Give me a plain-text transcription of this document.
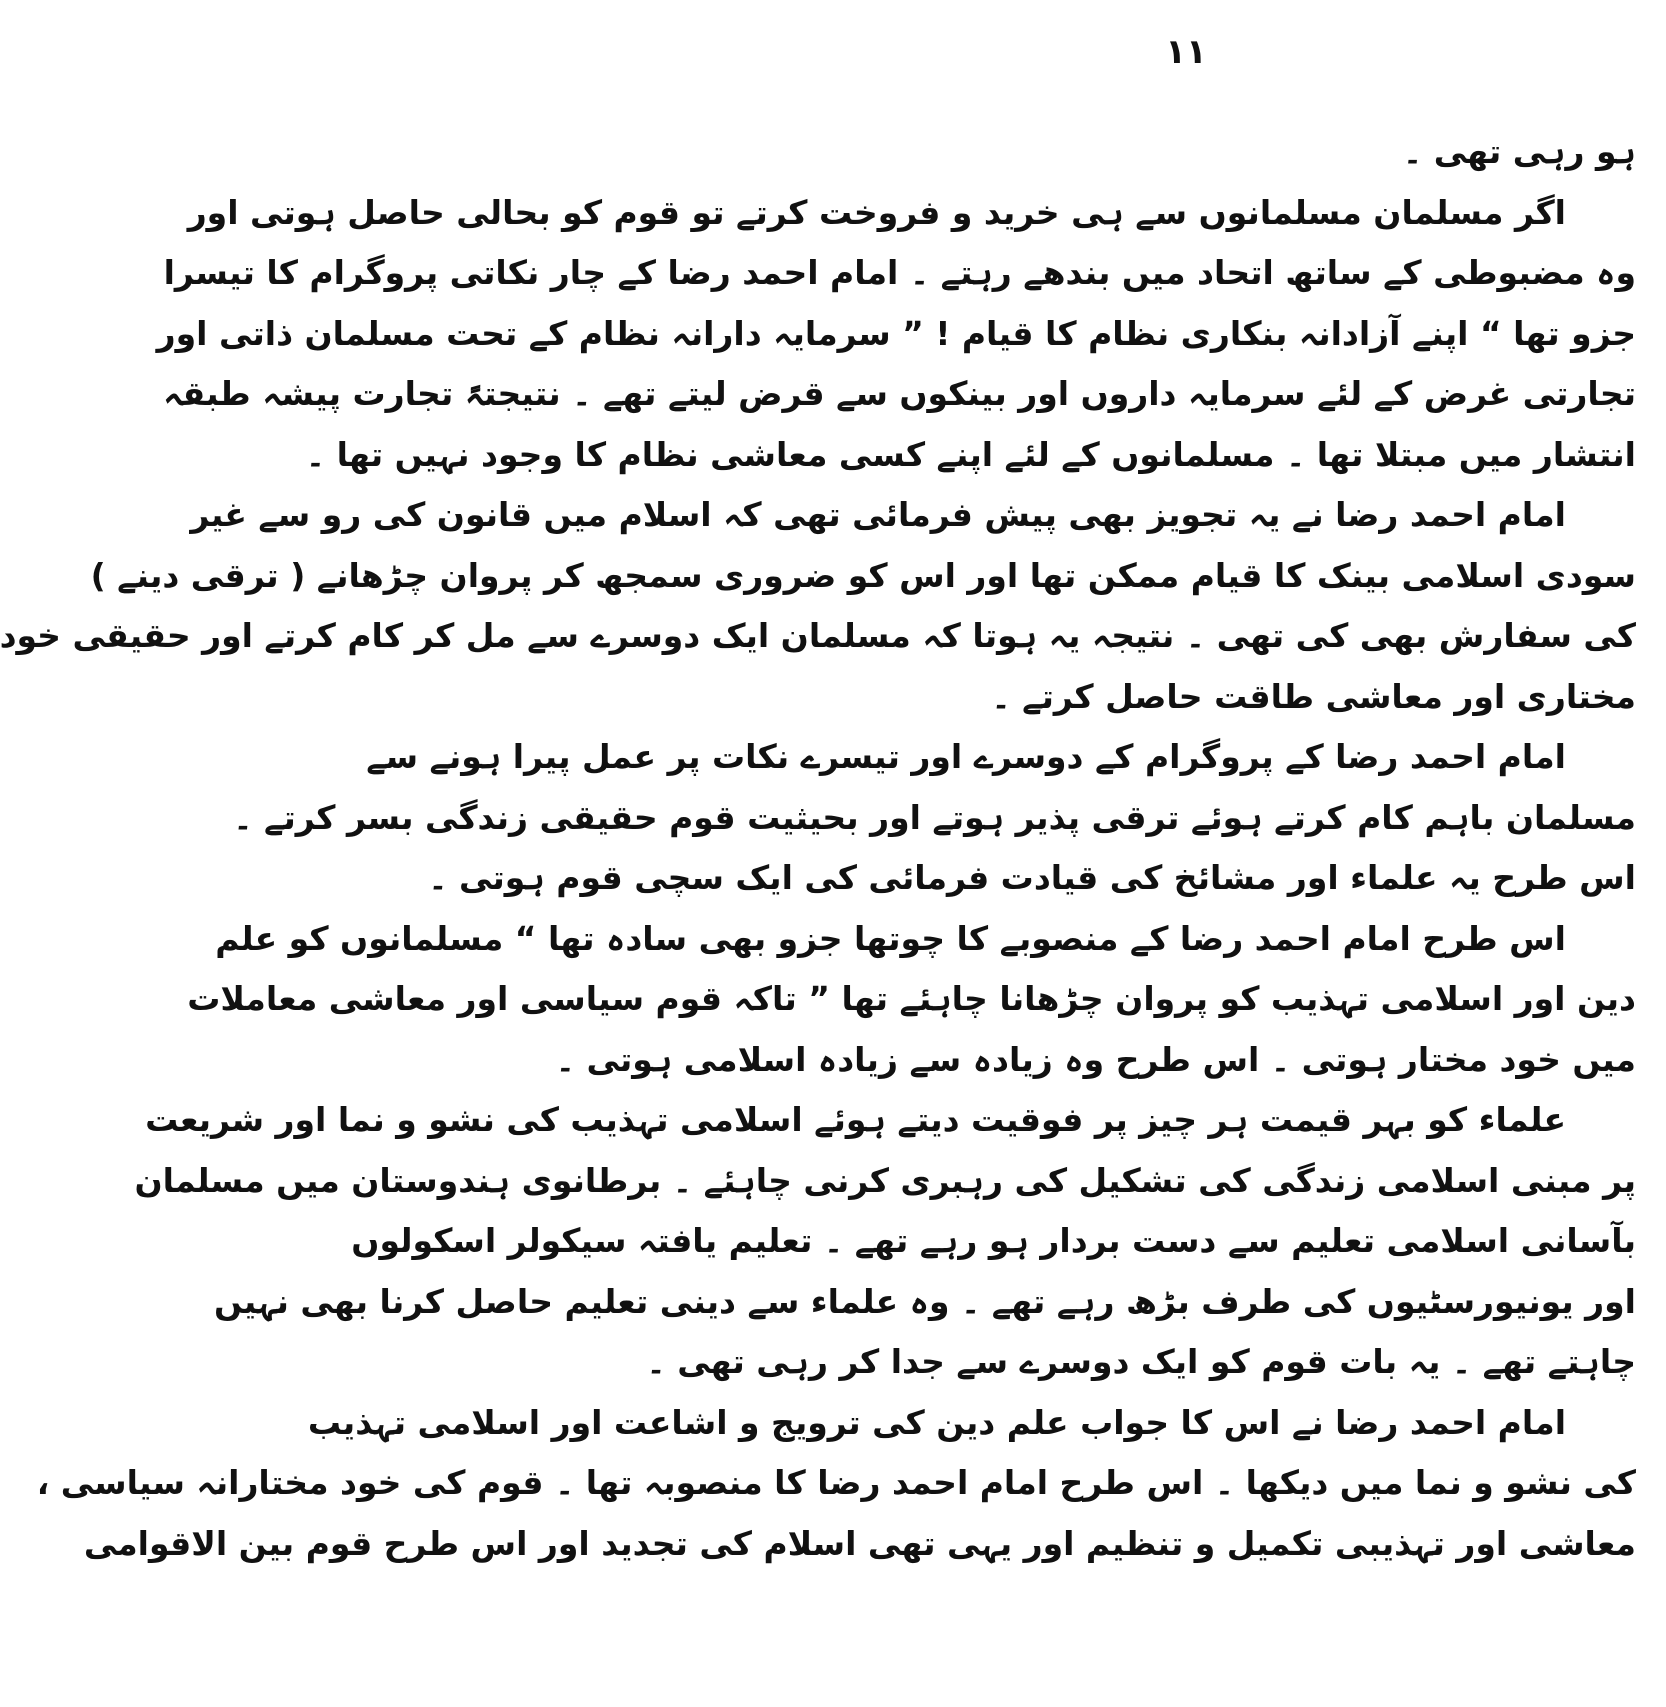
١١
ہو رہی تھی ۔
اگر مسلمان مسلمانوں سے ہی خرید و فروخت کرتے تو قوم کو بحالی حاصل ہوتی اور
وہ مضبوطی کے ساتھ اتحاد میں بندھے رہتے ۔ امام احمد رضا کے چار نکاتی پروگرام کا تیسرا
جزو تھا “ اپنے آزادانہ بنکاری نظام کا قیام ! ” سرمایہ دارانہ نظام کے تحت مسلمان ذاتی اور
تجارتی غرض کے لئے سرمایہ داروں اور بینکوں سے قرض لیتے تھے ۔ نتیجتہً تجارت پیشہ طبقہ
انتشار میں مبتلا تھا ۔ مسلمانوں کے لئے اپنے کسی معاشی نظام کا وجود نہیں تھا ۔
امام احمد رضا نے یہ تجویز بھی پیش فرمائی تھی کہ اسلام میں قانون کی رو سے غیر
سودی اسلامی بینک کا قیام ممکن تھا اور اس کو ضروری سمجھ کر پروان چڑھانے ( ترقی دینے )
کی سفارش بھی کی تھی ۔ نتیجہ یہ ہوتا کہ مسلمان ایک دوسرے سے مل کر کام کرتے اور حقیقی خود
مختاری اور معاشی طاقت حاصل کرتے ۔
امام احمد رضا کے پروگرام کے دوسرے اور تیسرے نکات پر عمل پیرا ہونے سے
مسلمان باہم کام کرتے ہوئے ترقی پذیر ہوتے اور بحیثیت قوم حقیقی زندگی بسر کرتے ۔
اس طرح یہ علماء اور مشائخ کی قیادت فرمائی کی ایک سچی قوم ہوتی ۔
اس طرح امام احمد رضا کے منصوبے کا چوتھا جزو بھی سادہ تھا “ مسلمانوں کو علم
دین اور اسلامی تہذیب کو پروان چڑھانا چاہئے تھا ” تاکہ قوم سیاسی اور معاشی معاملات
میں خود مختار ہوتی ۔ اس طرح وہ زیادہ سے زیادہ اسلامی ہوتی ۔
علماء کو بہر قیمت ہر چیز پر فوقیت دیتے ہوئے اسلامی تہذیب کی نشو و نما اور شریعت
پر مبنی اسلامی زندگی کی تشکیل کی رہبری کرنی چاہئے ۔ برطانوی ہندوستان میں مسلمان
بآسانی اسلامی تعلیم سے دست بردار ہو رہے تھے ۔ تعلیم یافتہ سیکولر اسکولوں
اور یونیورسٹیوں کی طرف بڑھ رہے تھے ۔ وہ علماء سے دینی تعلیم حاصل کرنا بھی نہیں
چاہتے تھے ۔ یہ بات قوم کو ایک دوسرے سے جدا کر رہی تھی ۔
امام احمد رضا نے اس کا جواب علم دین کی ترویج و اشاعت اور اسلامی تہذیب
کی نشو و نما میں دیکھا ۔ اس طرح امام احمد رضا کا منصوبہ تھا ۔ قوم کی خود مختارانہ سیاسی ،
معاشی اور تہذیبی تکمیل و تنظیم اور یہی تھی اسلام کی تجدید اور اس طرح قوم بین الاقوامی
